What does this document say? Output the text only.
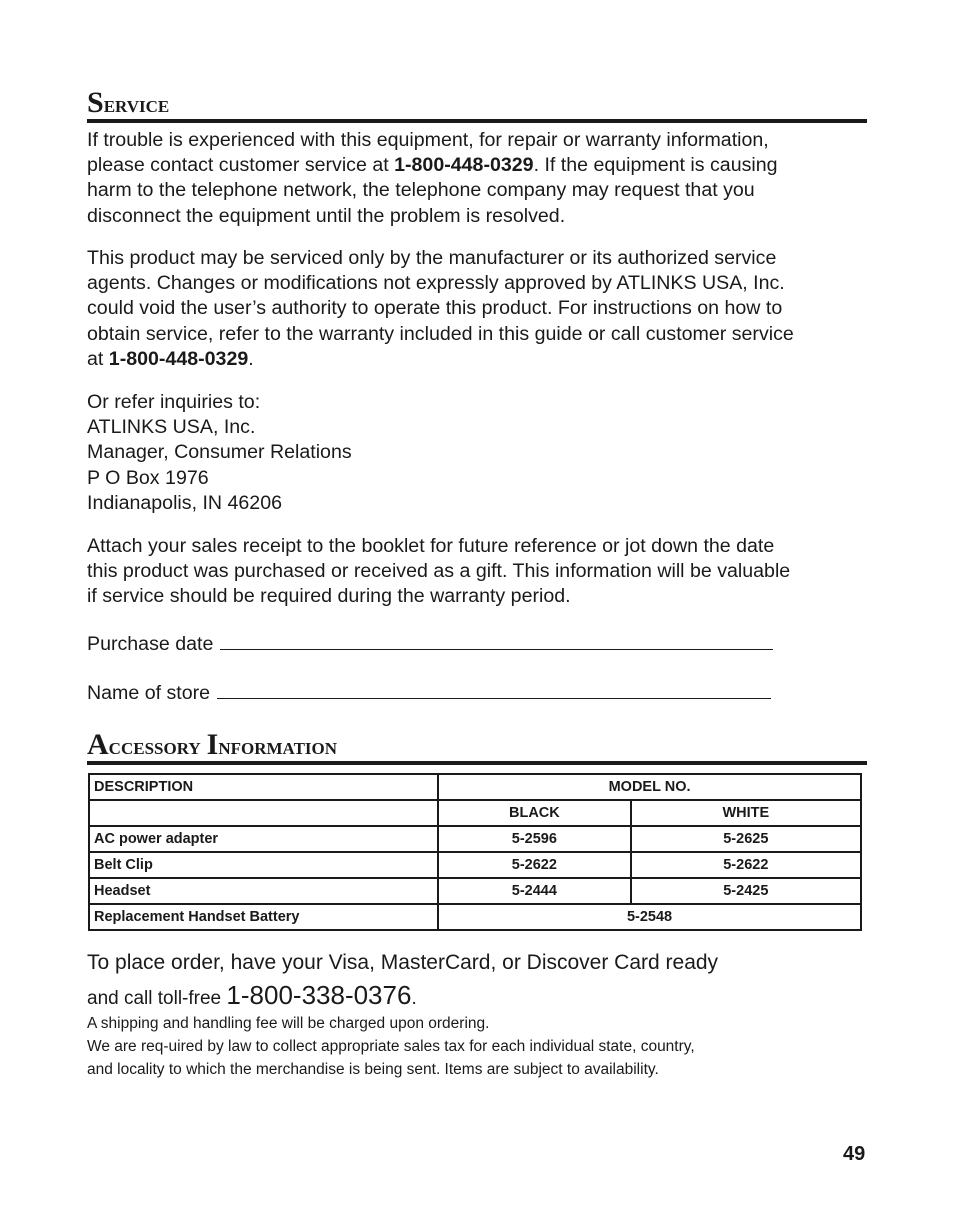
Service

If trouble is experienced with this equipment, for repair or warranty information,
please contact customer service at 1-800-448-0329. If the equipment is causing
harm to the telephone network, the telephone company may request that you
disconnect the equipment until the problem is resolved.

This product may be serviced only by the manufacturer or its authorized service
agents. Changes or modifications not expressly approved by ATLINKS USA, Inc.
could void the user’s authority to operate this product. For instructions on how to
obtain service, refer to the warranty included in this guide or call customer service
at 1-800-448-0329.

Or refer inquiries to:
ATLINKS USA, Inc.
Manager, Consumer Relations
P O Box 1976
Indianapolis, IN 46206

Attach your sales receipt to the booklet for future reference or jot down the date
this product was purchased or received as a gift. This information will be valuable
if service should be required during the warranty period.

Purchase date
Name of store
Accessory Information
DESCRIPTION	MODEL NO.	
	BLACK	WHITE
AC power adapter	5-2596	5-2625
Belt Clip	5-2622	5-2622
Headset	5-2444	5-2425
Replacement Handset Battery	5-2548	
To place order, have your Visa, MasterCard, or Discover Card ready
and call toll-free 1-800-338-0376.
A shipping and handling fee will be charged upon ordering.
We are req-uired by law to collect appropriate sales tax for each individual state, country,
and locality to which the merchandise is being sent. Items are subject to availability.
49
